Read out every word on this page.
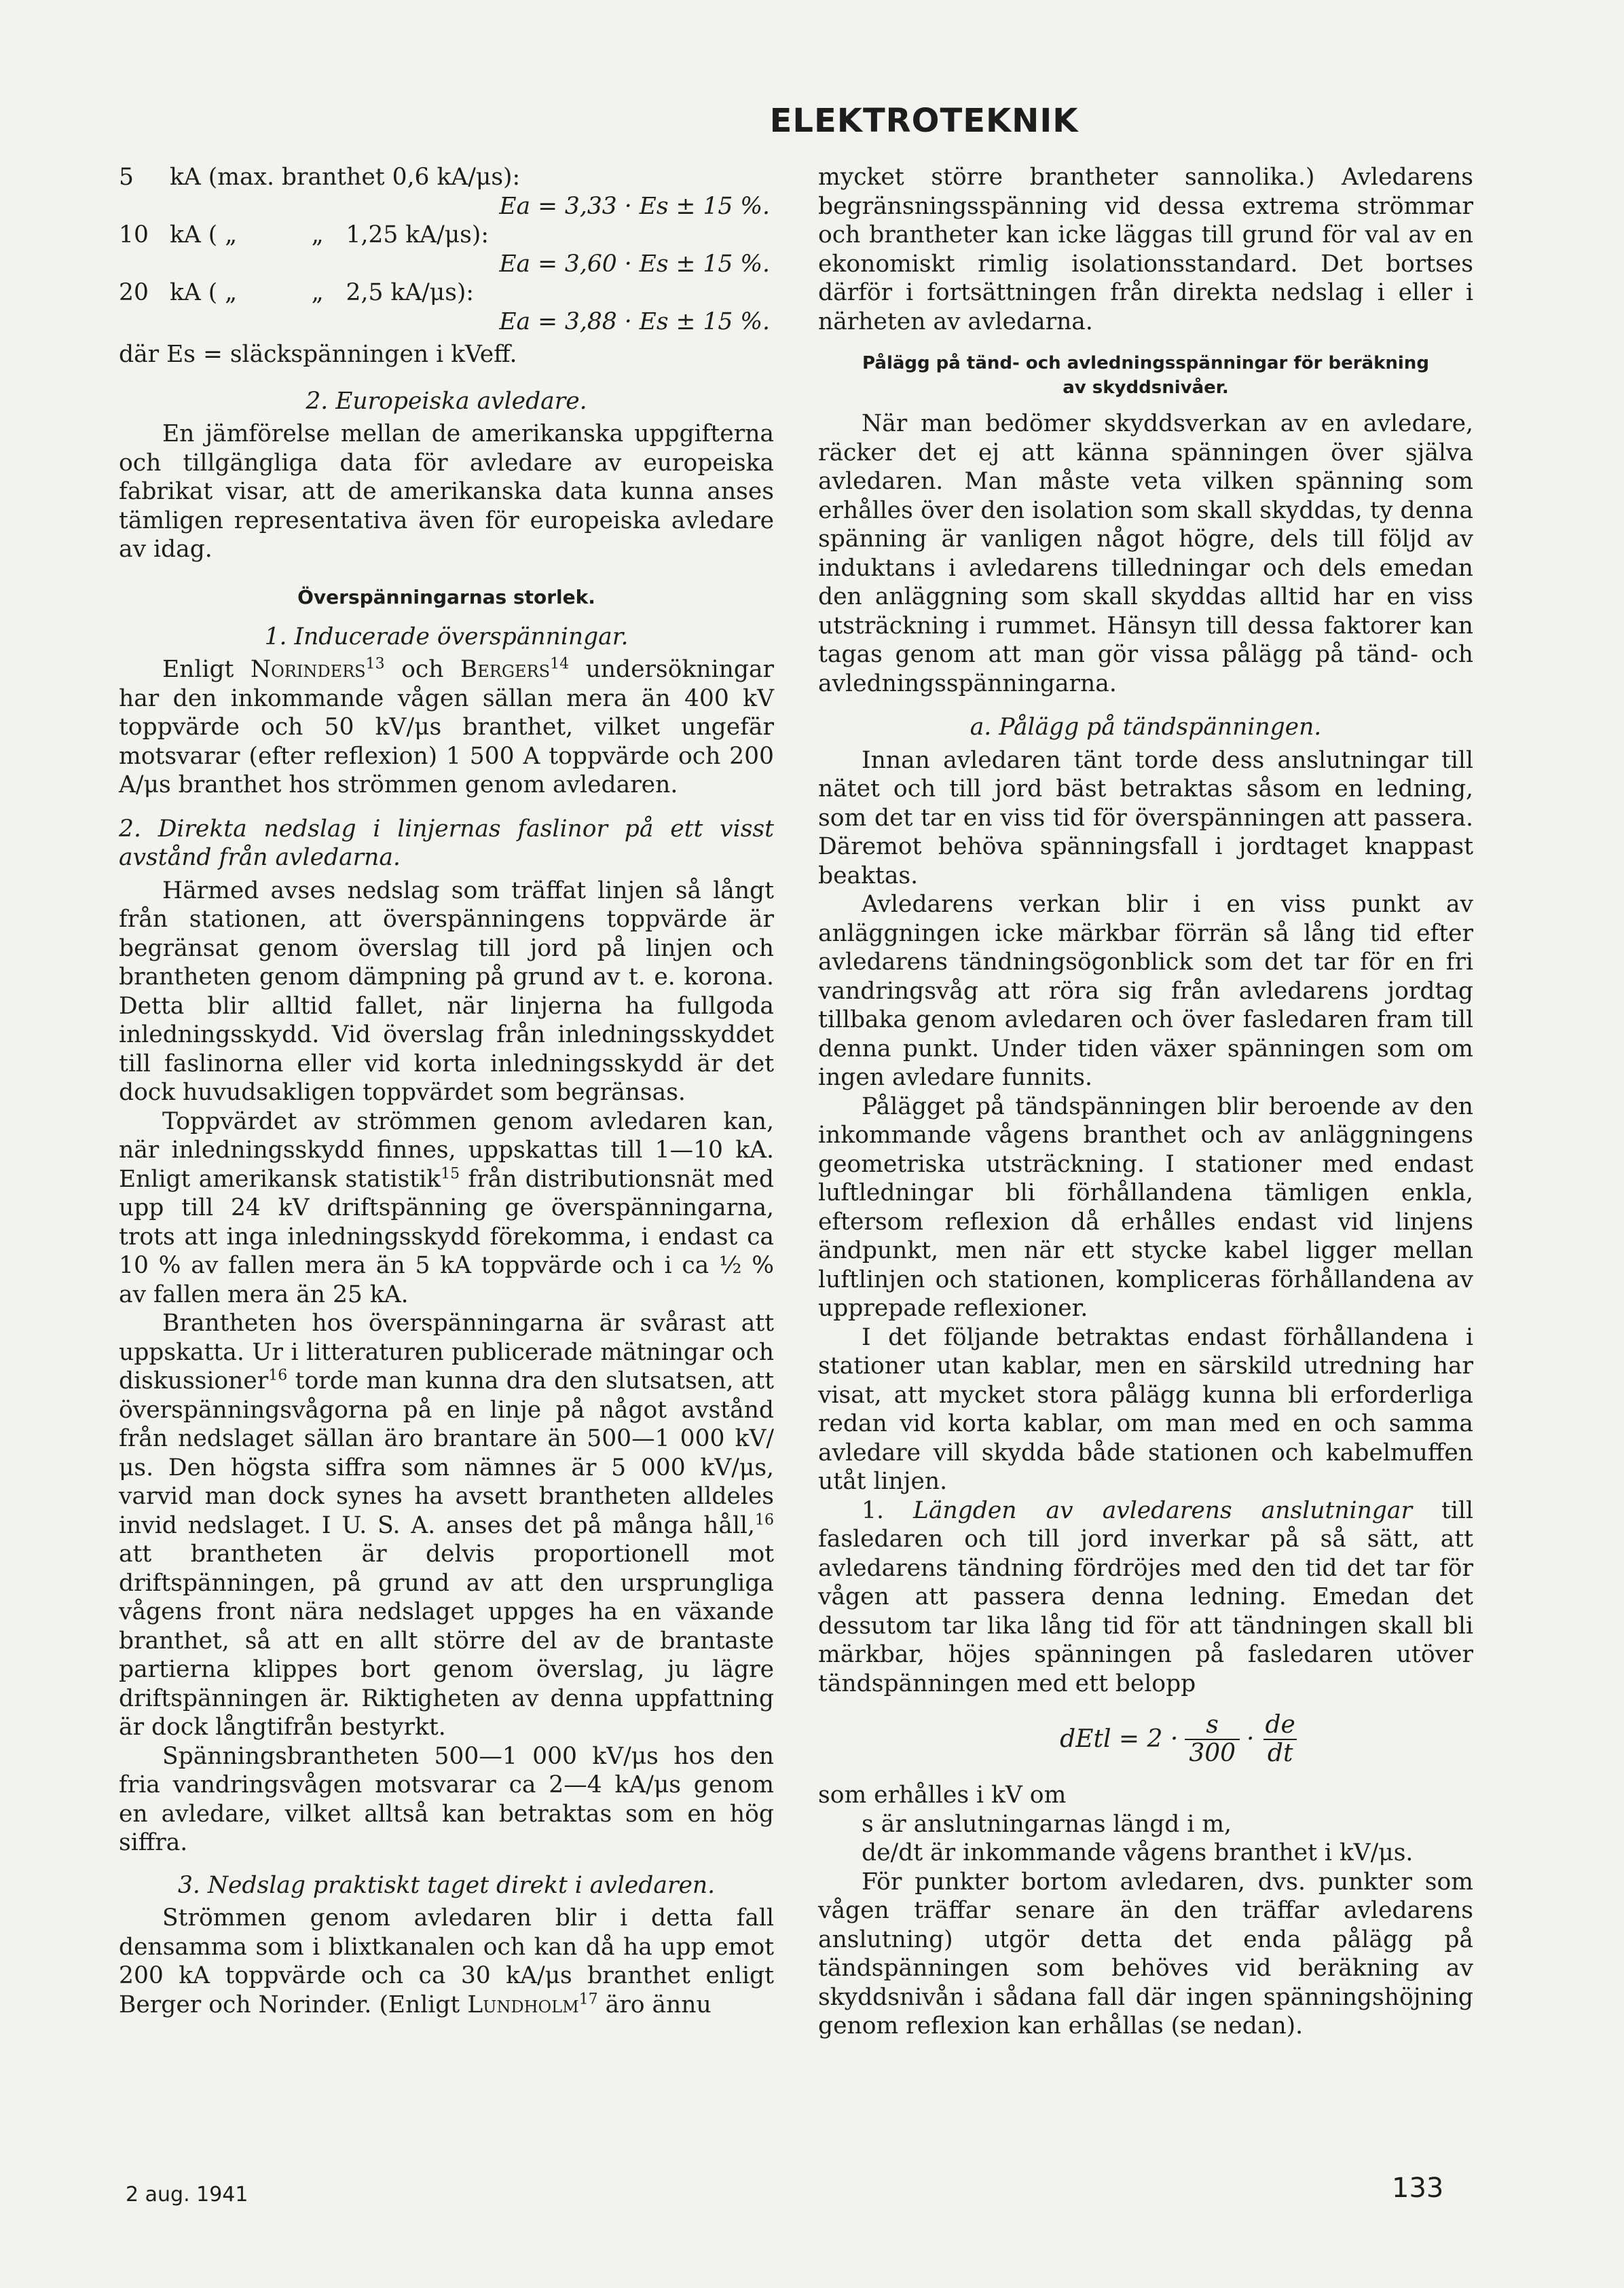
ELEKTROTEKNIK
5	kA (max. branthet 0,6 kA/μs):
Ea = 3,33 · Es ± 15 %.
10 kA ( „          „   1,25 kA/μs):
Ea = 3,60 · Es ± 15 %.
20 kA ( „          „   2,5 kA/μs):
Ea = 3,88 · Es ± 15 %.

där Es = släckspänningen i kVeff.

2. Europeiska avledare.

En jämförelse mellan de amerikanska uppgifterna och tillgängliga data för avledare av europeiska fabrikat visar, att de amerikanska data kunna anses tämligen representativa även för europeiska avledare av idag.

Överspänningarnas storlek.
1. Inducerade överspänningar.

Enligt Norinders$^{13}$ och Bergers$^{14}$ undersökningar har den inkommande vågen sällan mera än 400 kV toppvärde och 50 kV/μs branthet, vilket ungefär motsvarar (efter reflexion) 1 500 A toppvärde och 200 A/μs branthet hos strömmen genom avledaren.

2. Direkta nedslag i linjernas faslinor på ett visst avstånd från avledarna.

Härmed avses nedslag som träffat linjen så långt från stationen, att överspänningens toppvärde är begränsat genom överslag till jord på linjen och brantheten genom dämpning på grund av t. e. korona. Detta blir alltid fallet, när linjerna ha fullgoda inledningsskydd. Vid överslag från inledningsskyddet till faslinorna eller vid korta inledningsskydd är det dock huvudsakligen toppvärdet som begränsas.

Toppvärdet av strömmen genom avledaren kan, när inledningsskydd finnes, uppskattas till 1—10 kA. Enligt amerikansk statistik$^{15}$ från distributionsnät med upp till 24 kV driftspänning ge överspänningarna, trots att inga inledningsskydd förekomma, i endast ca 10 % av fallen mera än 5 kA toppvärde och i ca ½ % av fallen mera än 25 kA.

Brantheten hos överspänningarna är svårast att uppskatta. Ur i litteraturen publicerade mätningar och diskussioner$^{16}$ torde man kunna dra den slutsatsen, att överspänningsvågorna på en linje på något avstånd från nedslaget sällan äro brantare än 500—1 000 kV/μs. Den högsta siffra som nämnes är 5 000 kV/μs, varvid man dock synes ha avsett brantheten alldeles invid nedslaget. I U. S. A. anses det på många håll,$^{16}$ att brantheten är delvis proportionell mot driftspänningen, på grund av att den ursprungliga vågens front nära nedslaget uppges ha en växande branthet, så att en allt större del av de brantaste partierna klippes bort genom överslag, ju lägre driftspänningen är. Riktigheten av denna uppfattning är dock långtifrån bestyrkt.

Spänningsbrantheten 500—1 000 kV/μs hos den fria vandringsvågen motsvarar ca 2—4 kA/μs genom en avledare, vilket alltså kan betraktas som en hög siffra.

3. Nedslag praktiskt taget direkt i avledaren.

Strömmen genom avledaren blir i detta fall densamma som i blixtkanalen och kan då ha upp emot 200 kA toppvärde och ca 30 kA/μs branthet enligt Berger och Norinder. (Enligt Lundholm$^{17}$ äro ännu

mycket större brantheter sannolika.) Avledarens begränsningsspänning vid dessa extrema strömmar och brantheter kan icke läggas till grund för val av en ekonomiskt rimlig isolationsstandard. Det bortses därför i fortsättningen från direkta nedslag i eller i närheten av avledarna.

Pålägg på tänd- och avledningsspänningar för beräkning av skyddsnivåer.

När man bedömer skyddsverkan av en avledare, räcker det ej att känna spänningen över själva avledaren. Man måste veta vilken spänning som erhålles över den isolation som skall skyddas, ty denna spänning är vanligen något högre, dels till följd av induktans i avledarens tilledningar och dels emedan den anläggning som skall skyddas alltid har en viss utsträckning i rummet. Hänsyn till dessa faktorer kan tagas genom att man gör vissa pålägg på tänd- och avledningsspänningarna.

a. Pålägg på tändspänningen.

Innan avledaren tänt torde dess anslutningar till nätet och till jord bäst betraktas såsom en ledning, som det tar en viss tid för överspänningen att passera. Däremot behöva spänningsfall i jordtaget knappast beaktas.

Avledarens verkan blir i en viss punkt av anläggningen icke märkbar förrän så lång tid efter avledarens tändningsögonblick som det tar för en fri vandringsvåg att röra sig från avledarens jordtag tillbaka genom avledaren och över fasledaren fram till denna punkt. Under tiden växer spänningen som om ingen avledare funnits.

Pålägget på tändspänningen blir beroende av den inkommande vågens branthet och av anläggningens geometriska utsträckning. I stationer med endast luftledningar bli förhållandena tämligen enkla, eftersom reflexion då erhålles endast vid linjens ändpunkt, men när ett stycke kabel ligger mellan luftlinjen och stationen, kompliceras förhållandena av upprepade reflexioner.

I det följande betraktas endast förhållandena i stationer utan kablar, men en särskild utredning har visat, att mycket stora pålägg kunna bli erforderliga redan vid korta kablar, om man med en och samma avledare vill skydda både stationen och kabelmuffen utåt linjen.

1. Längden av avledarens anslutningar till fasledaren och till jord inverkar på så sätt, att avledarens tändning fördröjes med den tid det tar för vågen att passera denna ledning. Emedan det dessutom tar lika lång tid för att tändningen skall bli märkbar, höjes spänningen på fasledaren utöver tändspänningen med ett belopp

dEtl = $2 \cdot \frac{s}{300} \cdot \frac{de}{dt}$

som erhålles i kV om

s är anslutningarnas längd i m,

de/dt är inkommande vågens branthet i kV/μs.

För punkter bortom avledaren, dvs. punkter som vågen träffar senare än den träffar avledarens anslutning) utgör detta det enda pålägg på tändspänningen som behöves vid beräkning av skyddsnivån i sådana fall där ingen spänningshöjning genom reflexion kan erhållas (se nedan).

2 aug. 1941	133
